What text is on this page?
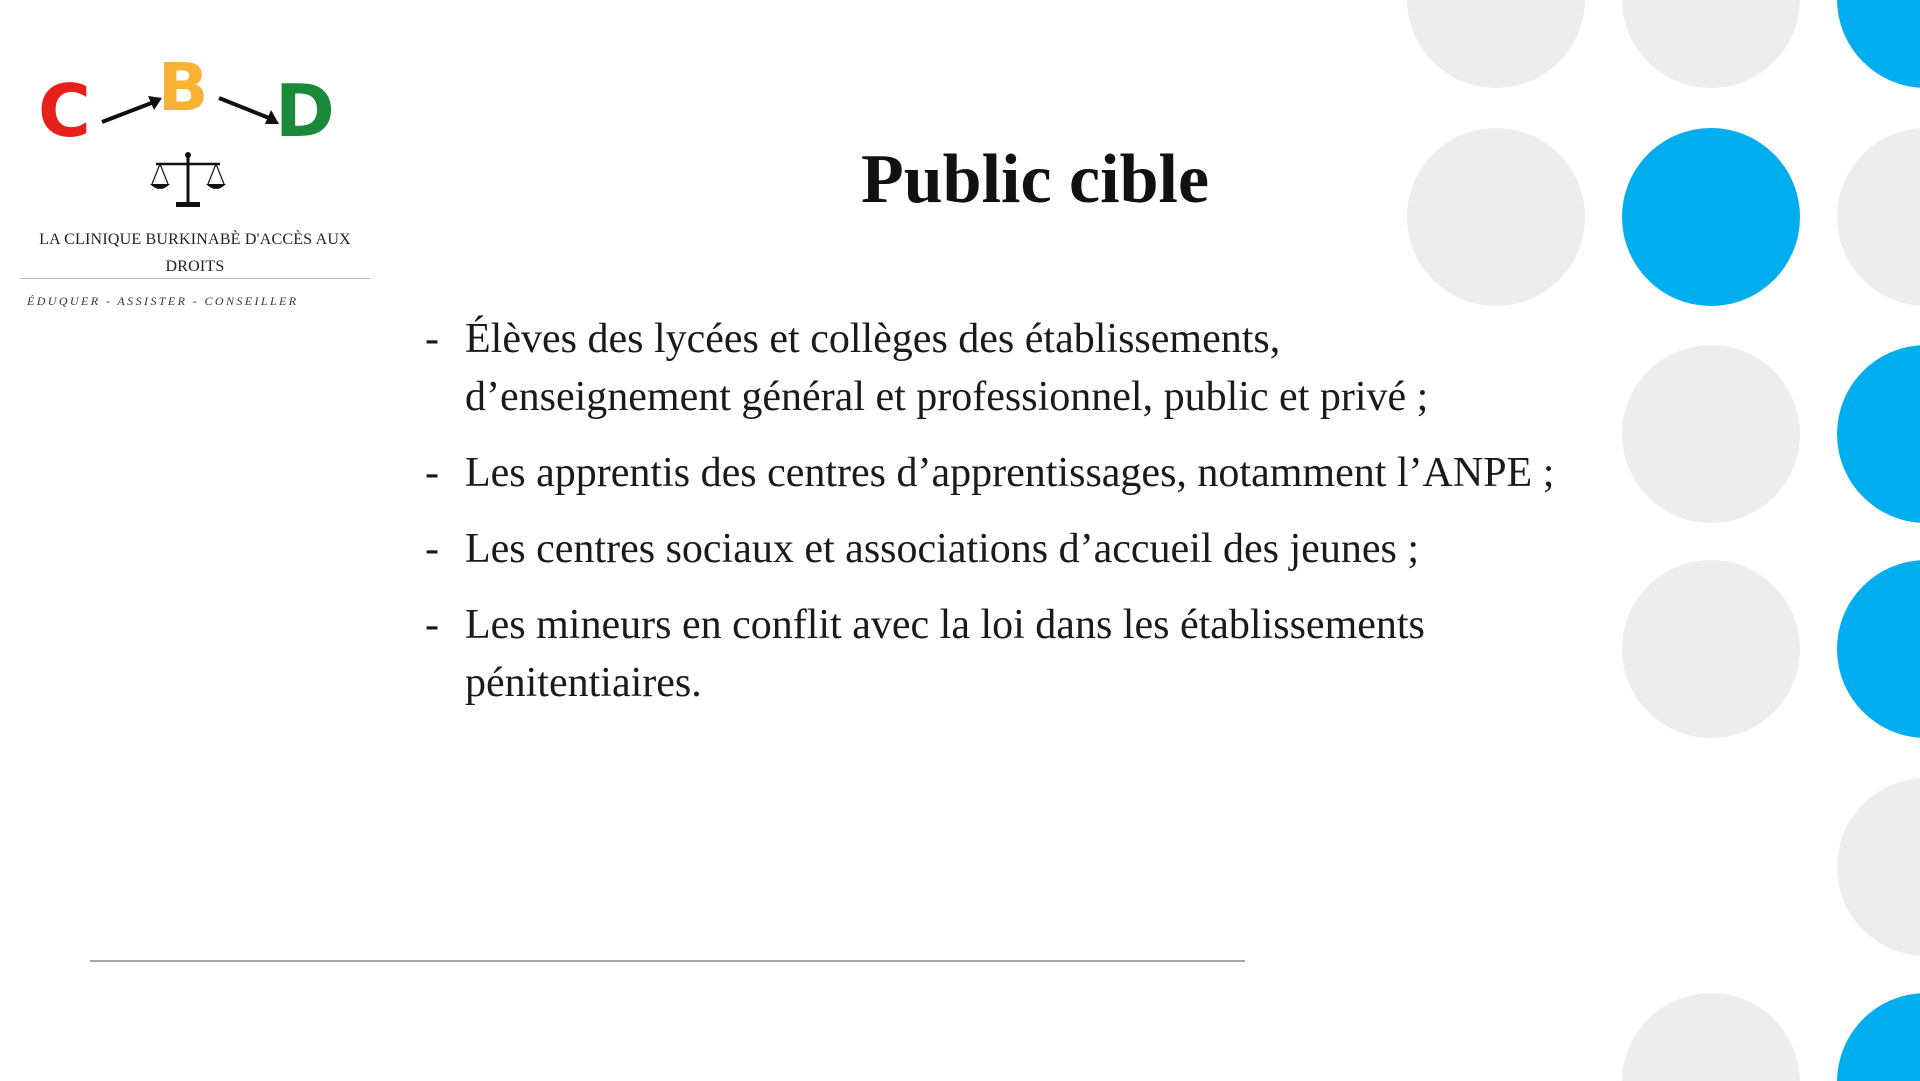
C B D
LA CLINIQUE BURKINABÈ D'ACCÈS AUX DROITS
ÉDUQUER - ASSISTER - CONSEILLER
Public cible
- Élèves des lycées et collèges des établissements, d’enseignement général et professionnel, public et privé ;
- Les apprentis des centres d’apprentissages, notamment l’ANPE ;
- Les centres sociaux et associations d’accueil des jeunes ;
- Les mineurs en conflit avec la loi dans les établissements pénitentiaires.
